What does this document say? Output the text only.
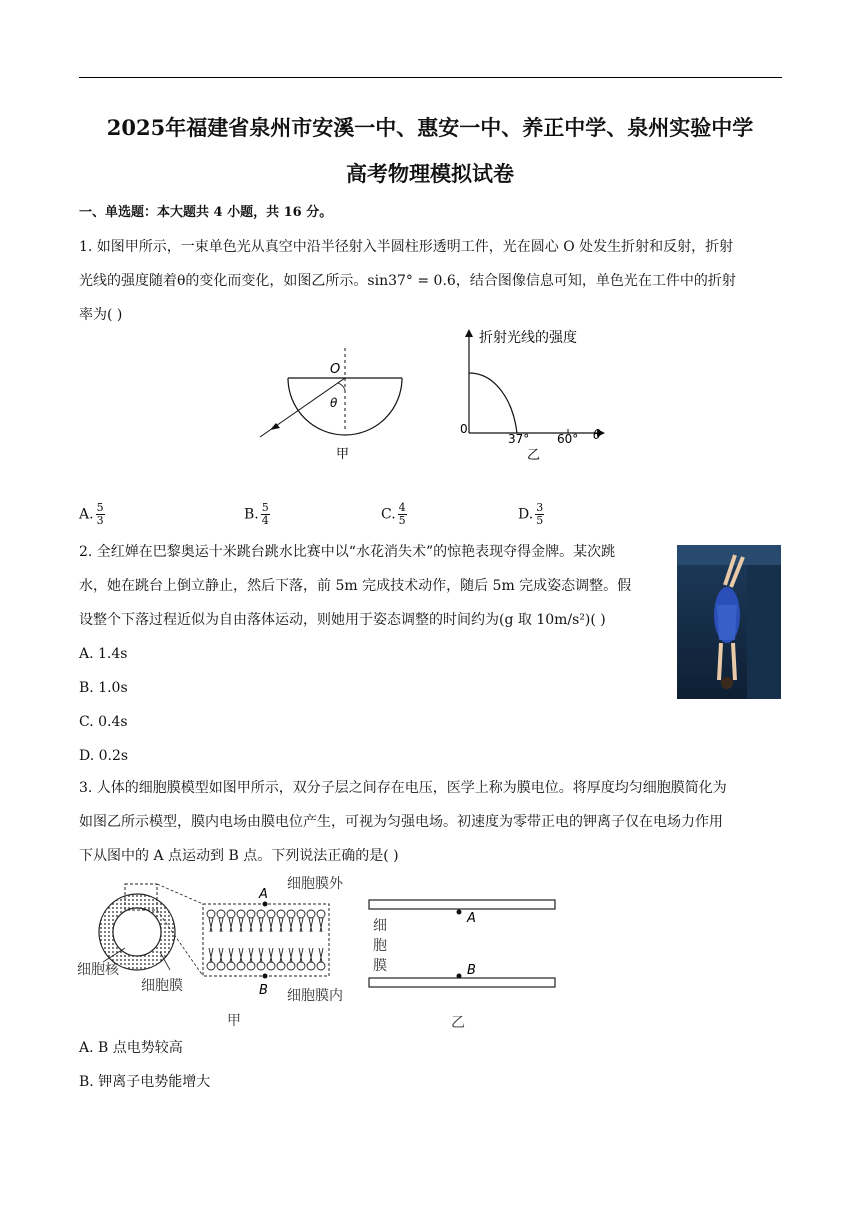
2025年福建省泉州市安溪一中、惠安一中、养正中学、泉州实验中学
高考物理模拟试卷
一、单选题：本大题共 4 小题，共 16 分。
1. 如图甲所示，一束单色光从真空中沿半径射入半圆柱形透明工件，光在圆心 O 处发生折射和反射，折射
光线的强度随着θ的变化而变化，如图乙所示。sin37° = 0.6，结合图像信息可知，单色光在工件中的折射
率为( )
O
θ
甲
折射光线的强度
0
37° 60° θ
乙
A. $\frac{5}{3}$	B. $\frac{5}{4}$	C. $\frac{4}{5}$	D. $\frac{3}{5}$
2. 全红婵在巴黎奥运十米跳台跳水比赛中以“水花消失术”的惊艳表现夺得金牌。某次跳
水，她在跳台上倒立静止，然后下落，前 5m 完成技术动作，随后 5m 完成姿态调整。假
设整个下落过程近似为自由落体运动，则她用于姿态调整的时间约为(g 取 10m/s²)( )
A. 1.4s
B. 1.0s
C. 0.4s
D. 0.2s
3. 人体的细胞膜模型如图甲所示，双分子层之间存在电压，医学上称为膜电位。将厚度均匀细胞膜简化为
如图乙所示模型，膜内电场由膜电位产生，可视为匀强电场。初速度为零带正电的钾离子仅在电场力作用
下从图中的 A 点运动到 B 点。下列说法正确的是( )
细胞核
细胞膜
A
B
细胞膜外
细胞膜内
甲
A
B
细
胞
膜
乙
A. B 点电势较高
B. 钾离子电势能增大
